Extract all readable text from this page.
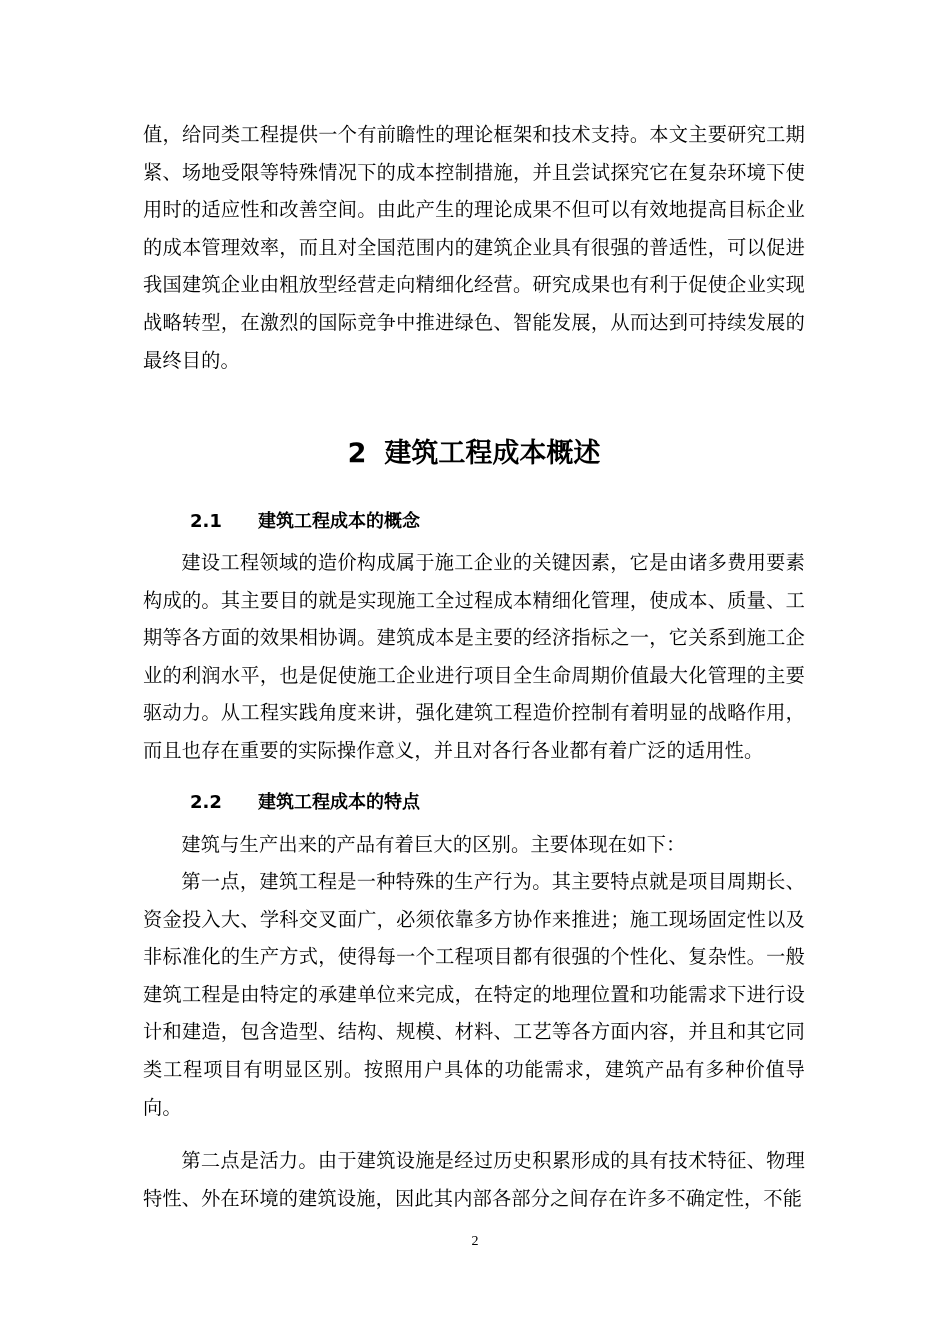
值，给同类工程提供一个有前瞻性的理论框架和技术支持。本文主要研究工期紧、场地受限等特殊情况下的成本控制措施，并且尝试探究它在复杂环境下使用时的适应性和改善空间。由此产生的理论成果不但可以有效地提高目标企业的成本管理效率，而且对全国范围内的建筑企业具有很强的普适性，可以促进我国建筑企业由粗放型经营走向精细化经营。研究成果也有利于促使企业实现战略转型，在激烈的国际竞争中推进绿色、智能发展，从而达到可持续发展的最终目的。

2 建筑工程成本概述
2.1 建筑工程成本的概念

建设工程领域的造价构成属于施工企业的关键因素，它是由诸多费用要素构成的。其主要目的就是实现施工全过程成本精细化管理，使成本、质量、工期等各方面的效果相协调。建筑成本是主要的经济指标之一，它关系到施工企业的利润水平，也是促使施工企业进行项目全生命周期价值最大化管理的主要驱动力。从工程实践角度来讲，强化建筑工程造价控制有着明显的战略作用，而且也存在重要的实际操作意义，并且对各行各业都有着广泛的适用性。

2.2 建筑工程成本的特点

建筑与生产出来的产品有着巨大的区别。主要体现在如下：

第一点，建筑工程是一种特殊的生产行为。其主要特点就是项目周期长、资金投入大、学科交叉面广，必须依靠多方协作来推进；施工现场固定性以及非标准化的生产方式，使得每一个工程项目都有很强的个性化、复杂性。一般建筑工程是由特定的承建单位来完成，在特定的地理位置和功能需求下进行设计和建造，包含造型、结构、规模、材料、工艺等各方面内容，并且和其它同类工程项目有明显区别。按照用户具体的功能需求，建筑产品有多种价值导向。

第二点是活力。由于建筑设施是经过历史积累形成的具有技术特征、物理特性、外在环境的建筑设施，因此其内部各部分之间存在许多不确定性，不能

2
